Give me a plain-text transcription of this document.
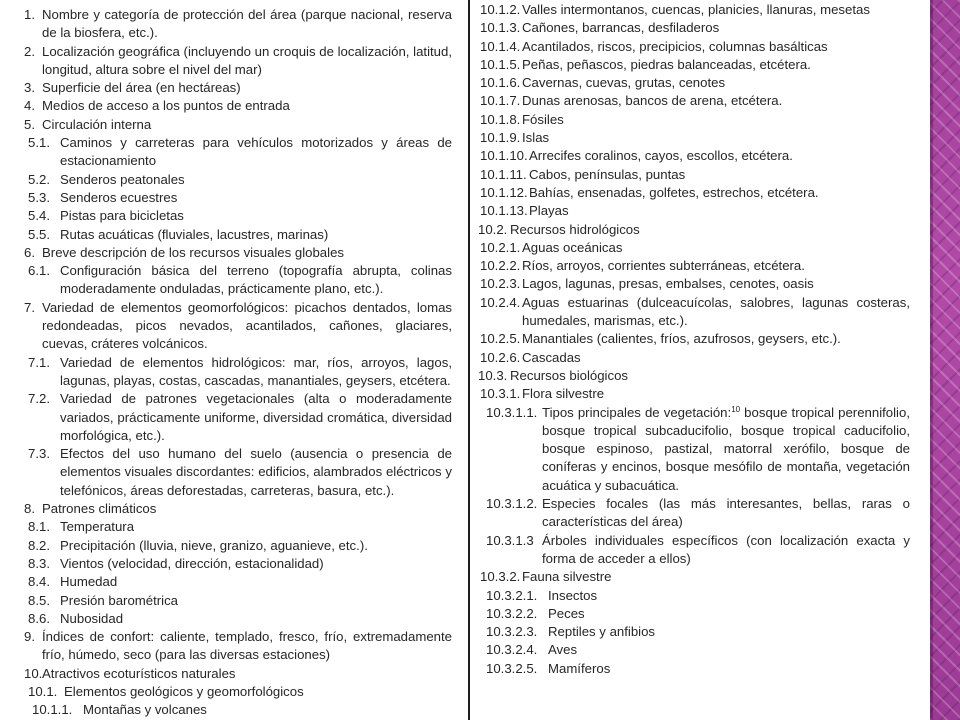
1. Nombre y categoría de protección del área (parque nacional, reserva de la biosfera, etc.).
2. Localización geográfica (incluyendo un croquis de localización, latitud, longitud, altura sobre el nivel del mar)
3. Superficie del área (en hectáreas)
4. Medios de acceso a los puntos de entrada
5. Circulación interna
5.1. Caminos y carreteras para vehículos motorizados y áreas de estacionamiento
5.2. Senderos peatonales
5.3. Senderos ecuestres
5.4. Pistas para bicicletas
5.5. Rutas acuáticas (fluviales, lacustres, marinas)
6. Breve descripción de los recursos visuales globales
6.1. Configuración básica del terreno (topografía abrupta, colinas moderadamente onduladas, prácticamente plano, etc.).
7. Variedad de elementos geomorfológicos: picachos dentados, lomas redondeadas, picos nevados, acantilados, cañones, glaciares, cuevas, cráteres volcánicos.
7.1. Variedad de elementos hidrológicos: mar, ríos, arroyos, lagos, lagunas, playas, costas, cascadas, manantiales, geysers, etcétera.
7.2. Variedad de patrones vegetacionales (alta o moderadamente variados, prácticamente uniforme, diversidad cromática, diversidad morfológica, etc.).
7.3. Efectos del uso humano del suelo (ausencia o presencia de elementos visuales discordantes: edificios, alambrados eléctricos y telefónicos, áreas deforestadas, carreteras, basura, etc.).
8. Patrones climáticos
8.1. Temperatura
8.2. Precipitación (lluvia, nieve, granizo, aguanieve, etc.).
8.3. Vientos (velocidad, dirección, estacionalidad)
8.4. Humedad
8.5. Presión barométrica
8.6. Nubosidad
9. Índices de confort: caliente, templado, fresco, frío, extremadamente frío, húmedo, seco (para las diversas estaciones)
10. Atractivos ecoturísticos naturales
10.1. Elementos geológicos y geomorfológicos
10.1.1. Montañas y volcanes
10.1.2. Valles intermontanos, cuencas, planicies, llanuras, mesetas
10.1.3. Cañones, barrancas, desfiladeros
10.1.4. Acantilados, riscos, precipicios, columnas basálticas
10.1.5. Peñas, peñascos, piedras balanceadas, etcétera.
10.1.6. Cavernas, cuevas, grutas, cenotes
10.1.7. Dunas arenosas, bancos de arena, etcétera.
10.1.8. Fósiles
10.1.9. Islas
10.1.10. Arrecifes coralinos, cayos, escollos, etcétera.
10.1.11. Cabos, penínsulas, puntas
10.1.12. Bahías, ensenadas, golfetes, estrechos, etcétera.
10.1.13. Playas
10.2. Recursos hidrológicos
10.2.1. Aguas oceánicas
10.2.2. Ríos, arroyos, corrientes subterráneas, etcétera.
10.2.3. Lagos, lagunas, presas, embalses, cenotes, oasis
10.2.4. Aguas estuarinas (dulceacuícolas, salobres, lagunas costeras, humedales, marismas, etc.).
10.2.5. Manantiales (calientes, fríos, azufrosos, geysers, etc.).
10.2.6. Cascadas
10.3. Recursos biológicos
10.3.1. Flora silvestre
10.3.1.1. Tipos principales de vegetación:$^{10}$ bosque tropical perennifolio, bosque tropical subcaducifolio, bosque tropical caducifolio, bosque espinoso, pastizal, matorral xerófilo, bosque de coníferas y encinos, bosque mesófilo de montaña, vegetación acuática y subacuática.
10.3.1.2. Especies focales (las más interesantes, bellas, raras o características del área)
10.3.1.3 Árboles individuales específicos (con localización exacta y forma de acceder a ellos)
10.3.2. Fauna silvestre
10.3.2.1. Insectos
10.3.2.2. Peces
10.3.2.3. Reptiles y anfibios
10.3.2.4. Aves
10.3.2.5. Mamíferos
